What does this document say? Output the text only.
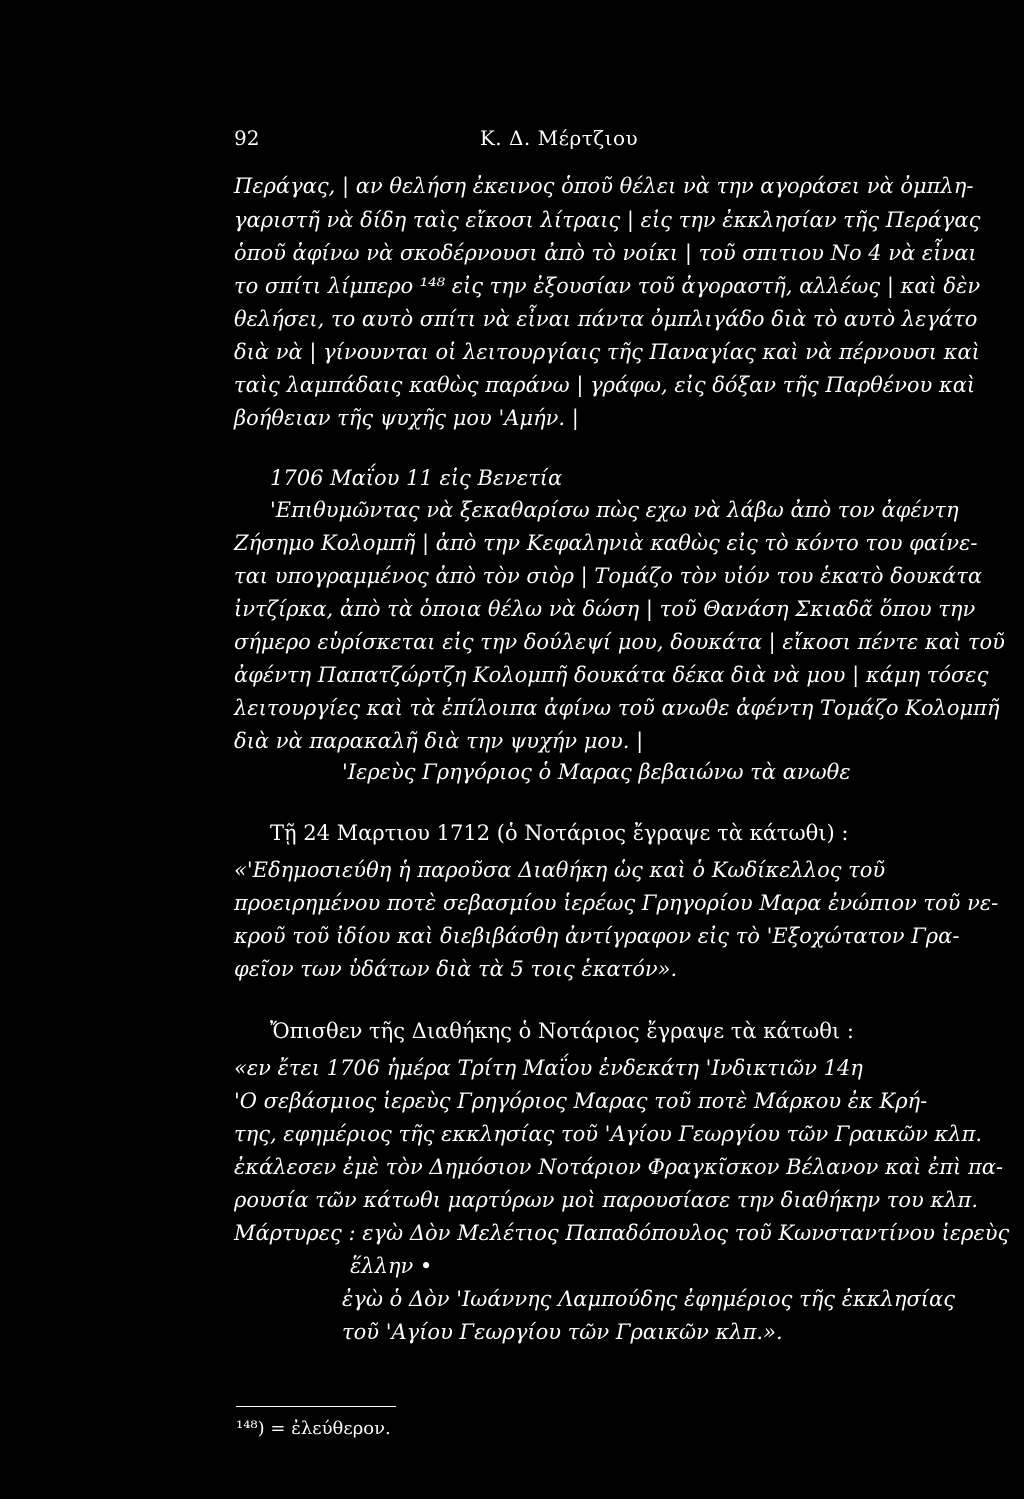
92	Κ. Δ. Μέρτζιου
Περάγας, | αν θελήση ἐκεινος ὁποῦ θέλει νὰ την αγοράσει νὰ ὀμπλη-
γαριστῆ νὰ δίδη ταὶς εἴκοσι λίτραις | εἰς την ἐκκλησίαν τῆς Περάγας
ὁποῦ ἀφίνω νὰ σκοδέρνουσι ἀπὸ τὸ νοίκι | τοῦ σπιτιου Νο 4 νὰ εἶναι
το σπίτι λίμπερο ¹⁴⁸ εἰς την ἐξουσίαν τοῦ ἀγοραστῆ, αλλέως | καὶ δὲν
θελήσει, το αυτὸ σπίτι νὰ εἶναι πάντα ὀμπλιγάδο διὰ τὸ αυτὸ λεγάτο
διὰ νὰ | γίνουνται οἱ λειτουργίαις τῆς Παναγίας καὶ νὰ πέρνουσι καὶ
ταὶς λαμπάδαις καθὼς παράνω | γράφω, εἰς δόξαν τῆς Παρθένου καὶ
βοήθειαν τῆς ψυχῆς μου 'Αμήν. |
1706 Μαΐου 11 εἰς Βενετία
'Επιθυμῶντας νὰ ξεκαθαρίσω πὼς εχω νὰ λάβω ἀπὸ τον ἀφέντη
Ζήσημο Κολομπῆ | ἀπὸ την Κεφαληνιὰ καθὼς εἰς τὸ κόντο του φαίνε-
ται υπογραμμένος ἀπὸ τὸν σιὸρ | Τομάζο τὸν υἱόν του ἑκατὸ δουκάτα
ἰντζίρκα, ἀπὸ τὰ ὁποια θέλω νὰ δώση | τοῦ Θανάση Σκιαδᾶ ὅπου την
σήμερο εὑρίσκεται εἰς την δούλεψί μου, δουκάτα | εἴκοσι πέντε καὶ τοῦ
ἀφέντη Παπατζώρτζη Κολομπῆ δουκάτα δέκα διὰ νὰ μου | κάμη τόσες
λειτουργίες καὶ τὰ ἐπίλοιπα ἀφίνω τοῦ ανωθε ἀφέντη Τομάζο Κολομπῆ
διὰ νὰ παρακαλῆ διὰ την ψυχήν μου. |
'Ιερεὺς Γρηγόριος ὁ Μαρας βεβαιώνω τὰ ανωθε
Τῇ 24 Μαρτιου 1712 (ὁ Νοτάριος ἔγραψε τὰ κάτωθι) :
«'Εδημοσιεύθη ἡ παροῦσα Διαθήκη ὡς καὶ ὁ Κωδίκελλος τοῦ
προειρημένου ποτὲ σεβασμίου ἱερέως Γρηγορίου Μαρα ἐνώπιον τοῦ νε-
κροῦ τοῦ ἰδίου καὶ διεβιβάσθη ἀντίγραφον εἰς τὸ 'Εξοχώτατον Γρα-
φεῖον των ὑδάτων διὰ τὰ 5 τοις ἑκατόν».
Ὄπισθεν τῆς Διαθήκης ὁ Νοτάριος ἔγραψε τὰ κάτωθι :
«εν ἔτει 1706 ἡμέρα Τρίτη Μαΐου ἑνδεκάτη 'Ινδικτιῶν 14η
'Ο σεβάσμιος ἱερεὺς Γρηγόριος Μαρας τοῦ ποτὲ Μάρκου ἐκ Κρή-
της, εφημέριος τῆς εκκλησίας τοῦ 'Αγίου Γεωργίου τῶν Γραικῶν κλπ.
ἐκάλεσεν ἐμὲ τὸν Δημόσιον Νοτάριον Φραγκῖσκον Βέλανον καὶ ἐπὶ πα-
ρουσία τῶν κάτωθι μαρτύρων μοὶ παρουσίασε την διαθήκην του κλπ.
Μάρτυρες : εγὼ Δὸν Μελέτιος Παπαδόπουλος τοῦ Κωνσταντίνου ἱερεὺς
ἕλλην •
ἐγὼ ὁ Δὸν 'Ιωάννης Λαμπούδης ἐφημέριος τῆς ἐκκλησίας
τοῦ 'Αγίου Γεωργίου τῶν Γραικῶν κλπ.».
¹⁴⁸) = ἐλεύθερον.
